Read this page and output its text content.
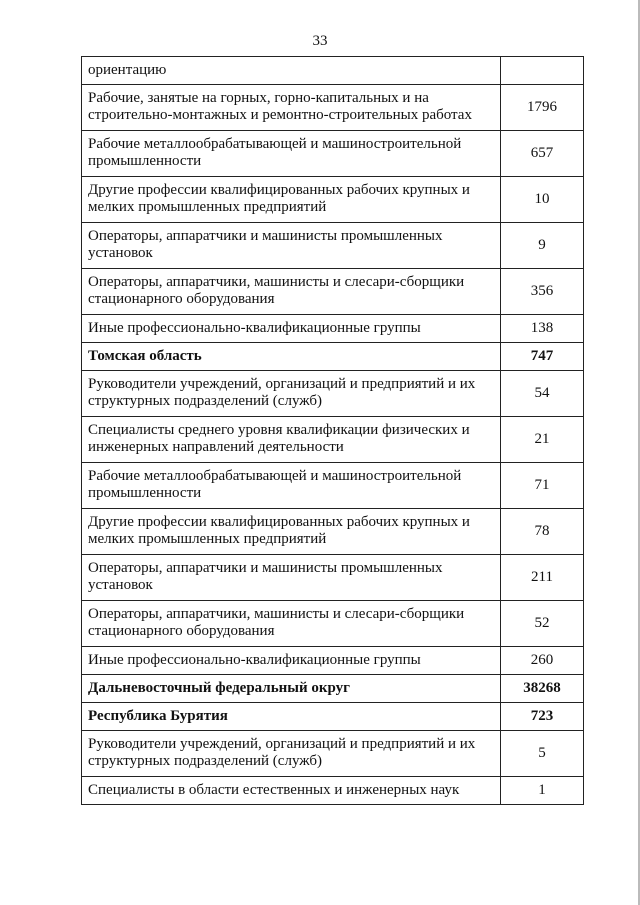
33
ориентацию	
Рабочие, занятые на горных, горно-капитальных и на строительно-монтажных и ремонтно-строительных работах	1796
Рабочие металлообрабатывающей и машиностроительной промышленности	657
Другие профессии квалифицированных рабочих крупных и мелких промышленных предприятий	10
Операторы, аппаратчики и машинисты промышленных установок	9
Операторы, аппаратчики, машинисты и слесари-сборщики стационарного оборудования	356
Иные профессионально-квалификационные группы	138
Томская область	747
Руководители учреждений, организаций и предприятий и их структурных подразделений (служб)	54
Специалисты среднего уровня квалификации физических и инженерных направлений деятельности	21
Рабочие металлообрабатывающей и машиностроительной промышленности	71
Другие профессии квалифицированных рабочих крупных и мелких промышленных предприятий	78
Операторы, аппаратчики и машинисты промышленных установок	211
Операторы, аппаратчики, машинисты и слесари-сборщики стационарного оборудования	52
Иные профессионально-квалификационные группы	260
Дальневосточный федеральный округ	38268
Республика Бурятия	723
Руководители учреждений, организаций и предприятий и их структурных подразделений (служб)	5
Специалисты в области естественных и инженерных наук	1
